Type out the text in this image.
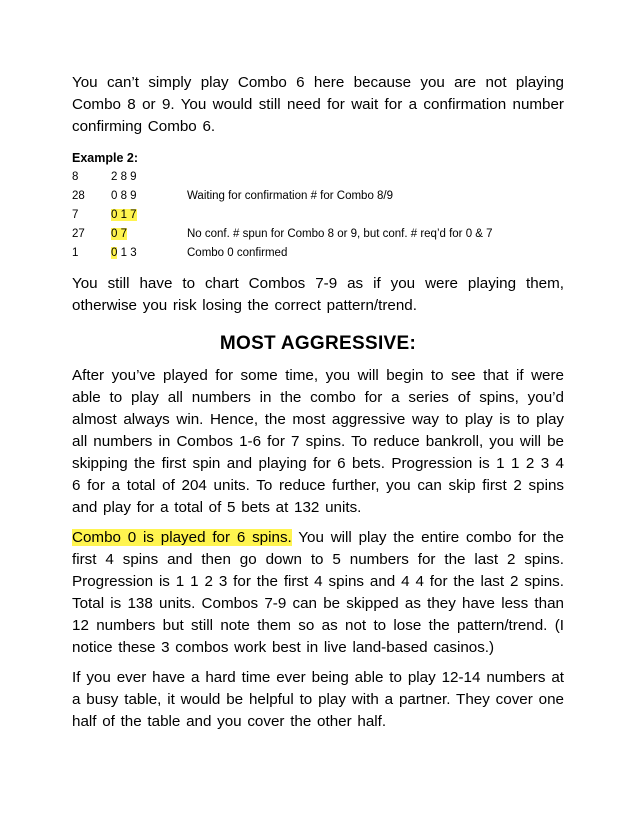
You can’t simply play Combo 6 here because you are not playing Combo 8 or 9. You would still need for wait for a confirmation number confirming Combo 6.

Example 2:
8	2 8 9
28	0 8 9	Waiting for confirmation # for Combo 8/9
7	0 1 7
27	0 7	No conf. # spun for Combo 8 or 9, but conf. # req’d for 0 & 7
1	0 1 3	Combo 0 confirmed

You still have to chart Combos 7-9 as if you were playing them, otherwise you risk losing the correct pattern/trend.

MOST AGGRESSIVE:

After you’ve played for some time, you will begin to see that if were able to play all numbers in the combo for a series of spins, you’d almost always win. Hence, the most aggressive way to play is to play all numbers in Combos 1-6 for 7 spins. To reduce bankroll, you will be skipping the first spin and playing for 6 bets. Progression is 1 1 2 3 4 6 for a total of 204 units. To reduce further, you can skip first 2 spins and play for a total of 5 bets at 132 units.

Combo 0 is played for 6 spins. You will play the entire combo for the first 4 spins and then go down to 5 numbers for the last 2 spins. Progression is 1 1 2 3 for the first 4 spins and 4 4 for the last 2 spins. Total is 138 units. Combos 7-9 can be skipped as they have less than 12 numbers but still note them so as not to lose the pattern/trend. (I notice these 3 combos work best in live land-based casinos.)

If you ever have a hard time ever being able to play 12-14 numbers at a busy table, it would be helpful to play with a partner. They cover one half of the table and you cover the other half.
